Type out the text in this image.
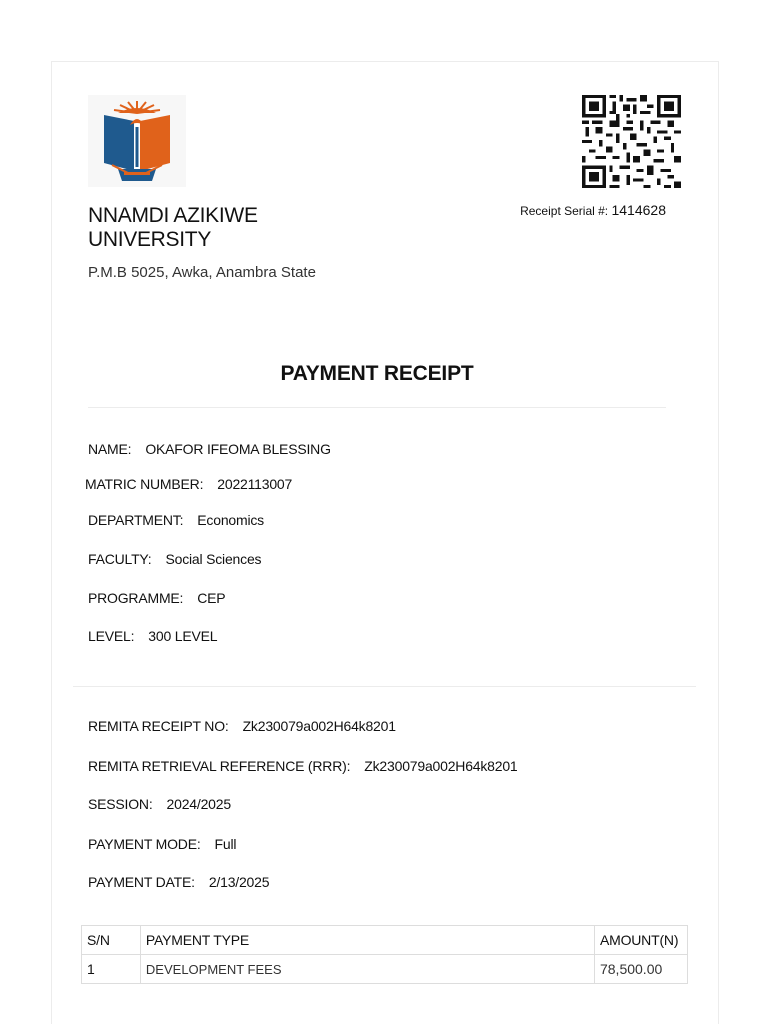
NNAMDI AZIKIWE UNIVERSITY
P.M.B 5025, Awka, Anambra State
Receipt Serial #: 1414628
PAYMENT RECEIPT
NAME: OKAFOR IFEOMA BLESSING
MATRIC NUMBER: 2022113007
DEPARTMENT: Economics
FACULTY: Social Sciences
PROGRAMME: CEP
LEVEL: 300 LEVEL
REMITA RECEIPT NO: Zk230079a002H64k8201
REMITA RETRIEVAL REFERENCE (RRR): Zk230079a002H64k8201
SESSION: 2024/2025
PAYMENT MODE: Full
PAYMENT DATE: 2/13/2025
S/N	PAYMENT TYPE	AMOUNT(N)
1	DEVELOPMENT FEES	78,500.00
